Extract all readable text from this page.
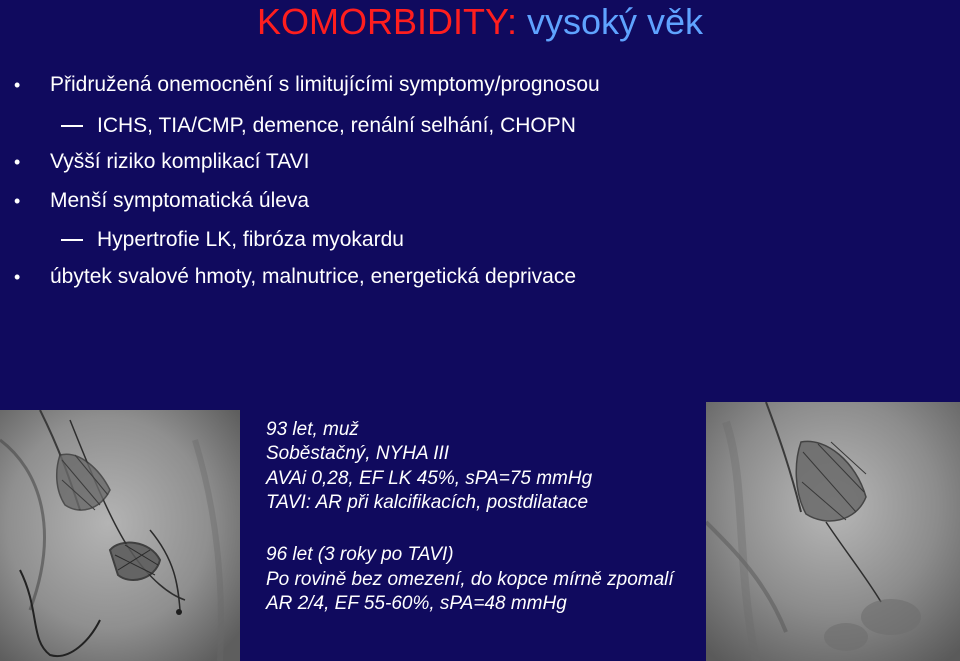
KOMORBIDITY: vysoký věk
• Přidružená onemocnění s limitujícími symptomy/prognosou
ICHS, TIA/CMP, demence, renální selhání, CHOPN
• Vyšší riziko komplikací TAVI
• Menší symptomatická úleva
Hypertrofie LK, fibróza myokardu
• úbytek svalové hmoty, malnutrice, energetická deprivace
93 let, muž
Soběstačný, NYHA III
AVAi 0,28, EF LK 45%, sPA=75 mmHg
TAVI: AR při kalcifikacích, postdilatace
96 let (3 roky po TAVI)
Po rovině bez omezení, do kopce mírně zpomalí
AR 2/4, EF 55-60%, sPA=48 mmHg
